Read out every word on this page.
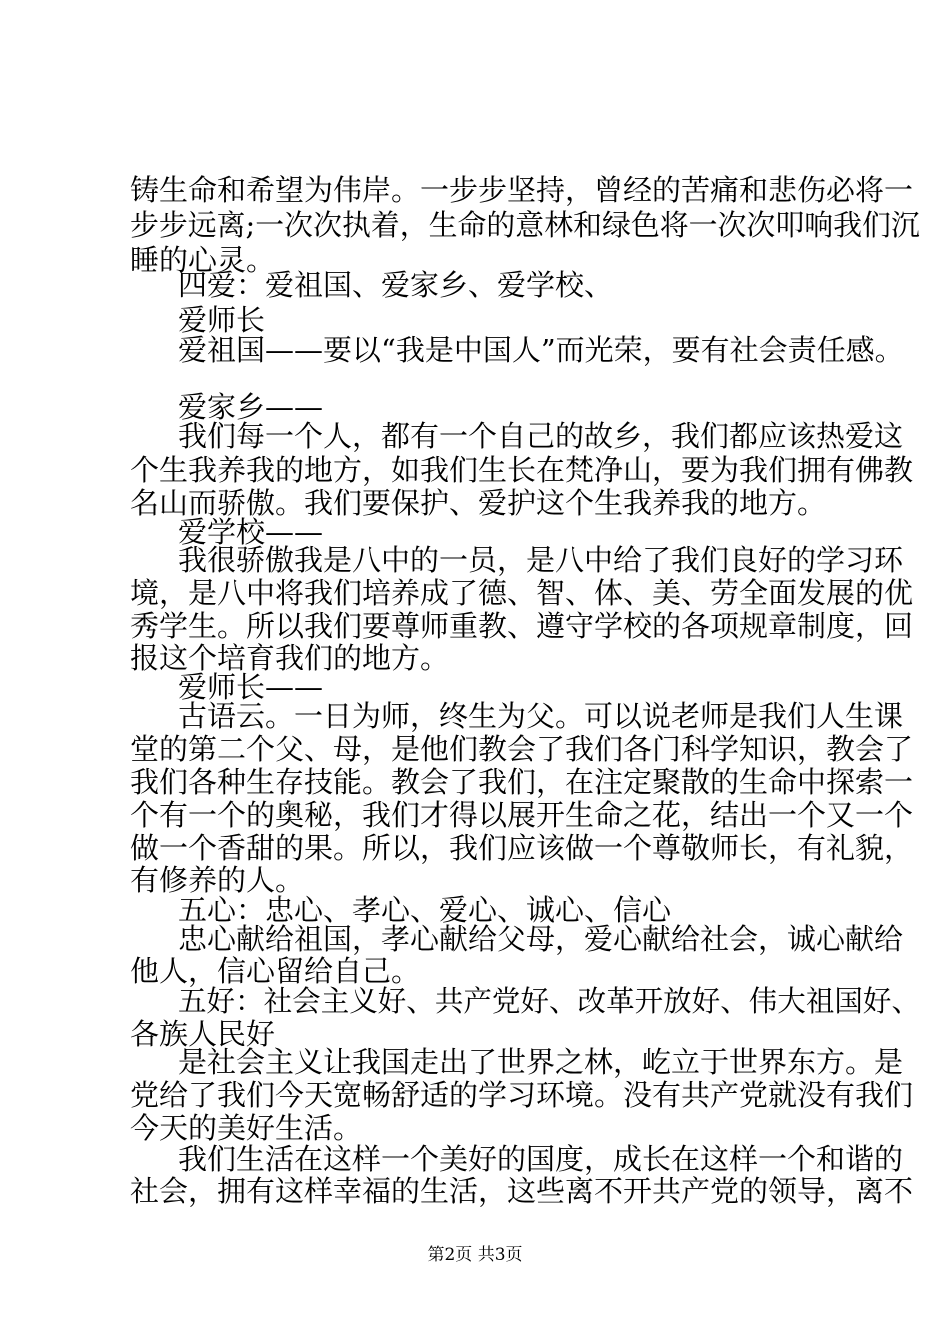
铸生命和希望为伟岸。一步步坚持，曾经的苦痛和悲伤必将一
步步远离;一次次执着，生命的意林和绿色将一次次叩响我们沉
睡的心灵。
四爱：爱祖国、爱家乡、爱学校、
爱师长
爱祖国——要以“我是中国人”而光荣，要有社会责任感。
爱家乡——
我们每一个人，都有一个自己的故乡，我们都应该热爱这
个生我养我的地方，如我们生长在梵净山，要为我们拥有佛教
名山而骄傲。我们要保护、爱护这个生我养我的地方。
爱学校——
我很骄傲我是八中的一员，是八中给了我们良好的学习环
境，是八中将我们培养成了德、智、体、美、劳全面发展的优
秀学生。所以我们要尊师重教、遵守学校的各项规章制度，回
报这个培育我们的地方。
爱师长——
古语云。一日为师，终生为父。可以说老师是我们人生课
堂的第二个父、母，是他们教会了我们各门科学知识，教会了
我们各种生存技能。教会了我们，在注定聚散的生命中探索一
个有一个的奥秘，我们才得以展开生命之花，结出一个又一个
做一个香甜的果。所以，我们应该做一个尊敬师长，有礼貌，
有修养的人。
五心：忠心、孝心、爱心、诚心、信心
忠心献给祖国，孝心献给父母，爱心献给社会，诚心献给
他人，信心留给自己。
五好：社会主义好、共产党好、改革开放好、伟大祖国好、
各族人民好
是社会主义让我国走出了世界之林，屹立于世界东方。是
党给了我们今天宽畅舒适的学习环境。没有共产党就没有我们
今天的美好生活。
我们生活在这样一个美好的国度，成长在这样一个和谐的
社会，拥有这样幸福的生活，这些离不开共产党的领导，离不
第2页 共3页
